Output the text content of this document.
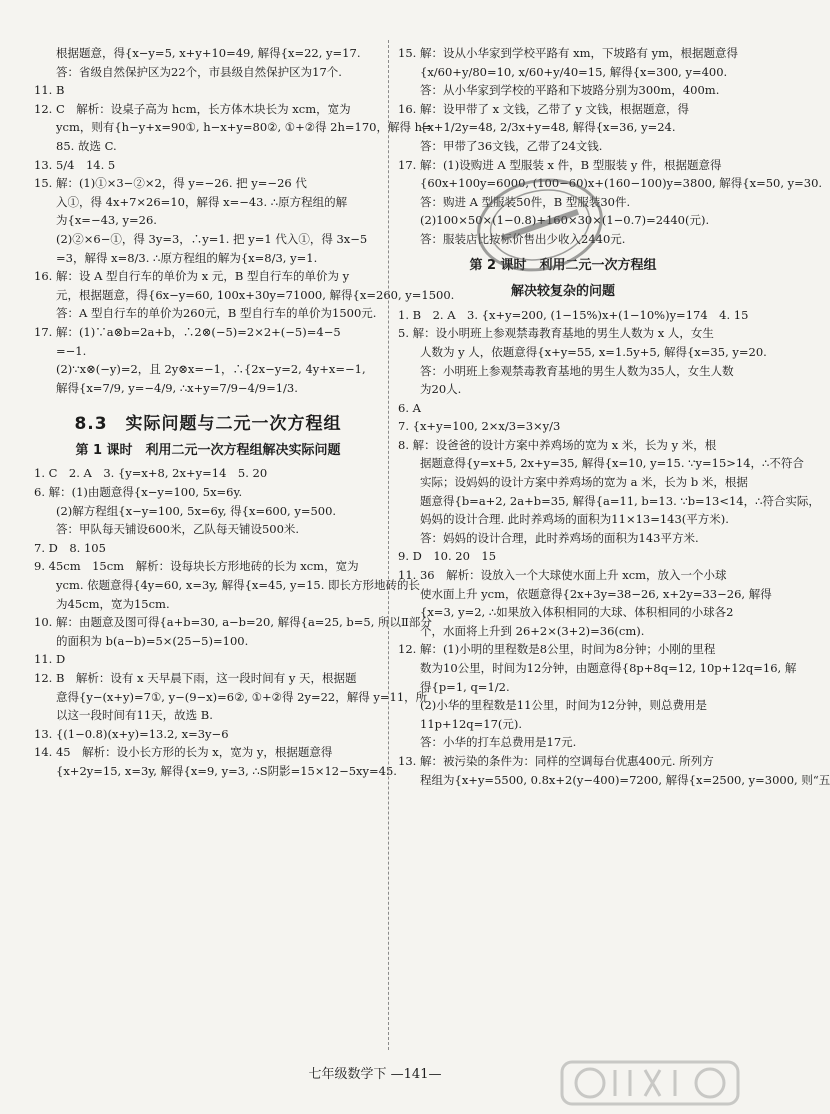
根据题意，得{x−y=5, x+y+10=49, 解得{x=22, y=17.
答：省级自然保护区为22个，市县级自然保护区为17个.
11. B
12. C　解析：设桌子高为 hcm，长方体木块长为 xcm，宽为
ycm，则有{h−y+x=90①, h−x+y=80②, ①+②得 2h=170，解得 h=
85. 故选 C.
13. 5/4　14. 5
15. 解：(1)①×3−②×2，得 y=−26. 把 y=−26 代
入①，得 4x+7×26=10，解得 x=−43. ∴原方程组的解
为{x=−43, y=26.
(2)②×6−①，得 3y=3，∴y=1. 把 y=1 代入①，得 3x−5
=3，解得 x=8/3. ∴原方程组的解为{x=8/3, y=1.
16. 解：设 A 型自行车的单价为 x 元，B 型自行车的单价为 y
元，根据题意，得{6x−y=60, 100x+30y=71000, 解得{x=260, y=1500.
答：A 型自行车的单价为260元，B 型自行车的单价为1500元.
17. 解：(1)∵a⊗b=2a+b，∴2⊗(−5)=2×2+(−5)=4−5
=−1.
(2)∵x⊗(−y)=2，且 2y⊗x=−1，∴{2x−y=2, 4y+x=−1,
解得{x=7/9, y=−4/9, ∴x+y=7/9−4/9=1/3.
8.3　实际问题与二元一次方程组
第 1 课时　利用二元一次方程组解决实际问题
1. C　2. A　3. {y=x+8, 2x+y=14　5. 20
6. 解：(1)由题意得{x−y=100, 5x=6y.
(2)解方程组{x−y=100, 5x=6y, 得{x=600, y=500.
答：甲队每天铺设600米，乙队每天铺设500米.
7. D　8. 105
9. 45cm　15cm　解析：设每块长方形地砖的长为 xcm，宽为
ycm. 依题意得{4y=60, x=3y, 解得{x=45, y=15. 即长方形地砖的长
为45cm，宽为15cm.
10. 解：由题意及图可得{a+b=30, a−b=20, 解得{a=25, b=5, 所以Ⅱ部分
的面积为 b(a−b)=5×(25−5)=100.
11. D
12. B　解析：设有 x 天早晨下雨，这一段时间有 y 天，根据题
意得{y−(x+y)=7①, y−(9−x)=6②, ①+②得 2y=22，解得 y=11，所
以这一段时间有11天，故选 B.
13. {(1−0.8)(x+y)=13.2, x=3y−6
14. 45　解析：设小长方形的长为 x，宽为 y，根据题意得
{x+2y=15, x=3y, 解得{x=9, y=3, ∴S阴影=15×12−5xy=45.
15. 解：设从小华家到学校平路有 xm，下坡路有 ym，根据题意得
{x/60+y/80=10, x/60+y/40=15, 解得{x=300, y=400.
答：从小华家到学校的平路和下坡路分别为300m，400m.
16. 解：设甲带了 x 文钱，乙带了 y 文钱，根据题意，得
{x+1/2y=48, 2/3x+y=48, 解得{x=36, y=24.
答：甲带了36文钱，乙带了24文钱.
17. 解：(1)设购进 A 型服装 x 件，B 型服装 y 件，根据题意得
{60x+100y=6000, (100−60)x+(160−100)y=3800, 解得{x=50, y=30.
答：购进 A 型服装50件，B 型服装30件.
(2)100×50×(1−0.8)+160×30×(1−0.7)=2440(元).
答：服装店比按标价售出少收入2440元.
第 2 课时　利用二元一次方程组
解决较复杂的问题
1. B　2. A　3. {x+y=200, (1−15%)x+(1−10%)y=174　4. 15
5. 解：设小明班上参观禁毒教育基地的男生人数为 x 人，女生
人数为 y 人，依题意得{x+y=55, x=1.5y+5, 解得{x=35, y=20.
答：小明班上参观禁毒教育基地的男生人数为35人，女生人数
为20人.
6. A
7. {x+y=100, 2×x/3=3×y/3
8. 解：设爸爸的设计方案中养鸡场的宽为 x 米，长为 y 米，根
据题意得{y=x+5, 2x+y=35, 解得{x=10, y=15. ∵y=15>14，∴不符合
实际；设妈妈的设计方案中养鸡场的宽为 a 米，长为 b 米，根据
题意得{b=a+2, 2a+b=35, 解得{a=11, b=13. ∵b=13<14，∴符合实际，
妈妈的设计合理. 此时养鸡场的面积为11×13=143(平方米).
答：妈妈的设计合理，此时养鸡场的面积为143平方米.
9. D　10. 20　15
11. 36　解析：设放入一个大球使水面上升 xcm，放入一个小球
使水面上升 ycm，依题意得{2x+3y=38−26, x+2y=33−26, 解得
{x=3, y=2, ∴如果放入体积相同的大球、体积相同的小球各2
个，水面将上升到 26+2×(3+2)=36(cm).
12. 解：(1)小明的里程数是8公里，时间为8分钟；小刚的里程
数为10公里，时间为12分钟，由题意得{8p+8q=12, 10p+12q=16, 解
得{p=1, q=1/2.
(2)小华的里程数是11公里，时间为12分钟，则总费用是
11p+12q=17(元).
答：小华的打车总费用是17元.
13. 解：被污染的条件为：同样的空调每台优惠400元. 所列方
程组为{x+y=5500, 0.8x+2(y−400)=7200, 解得{x=2500, y=3000, 则“五
七年级数学下 —141—
